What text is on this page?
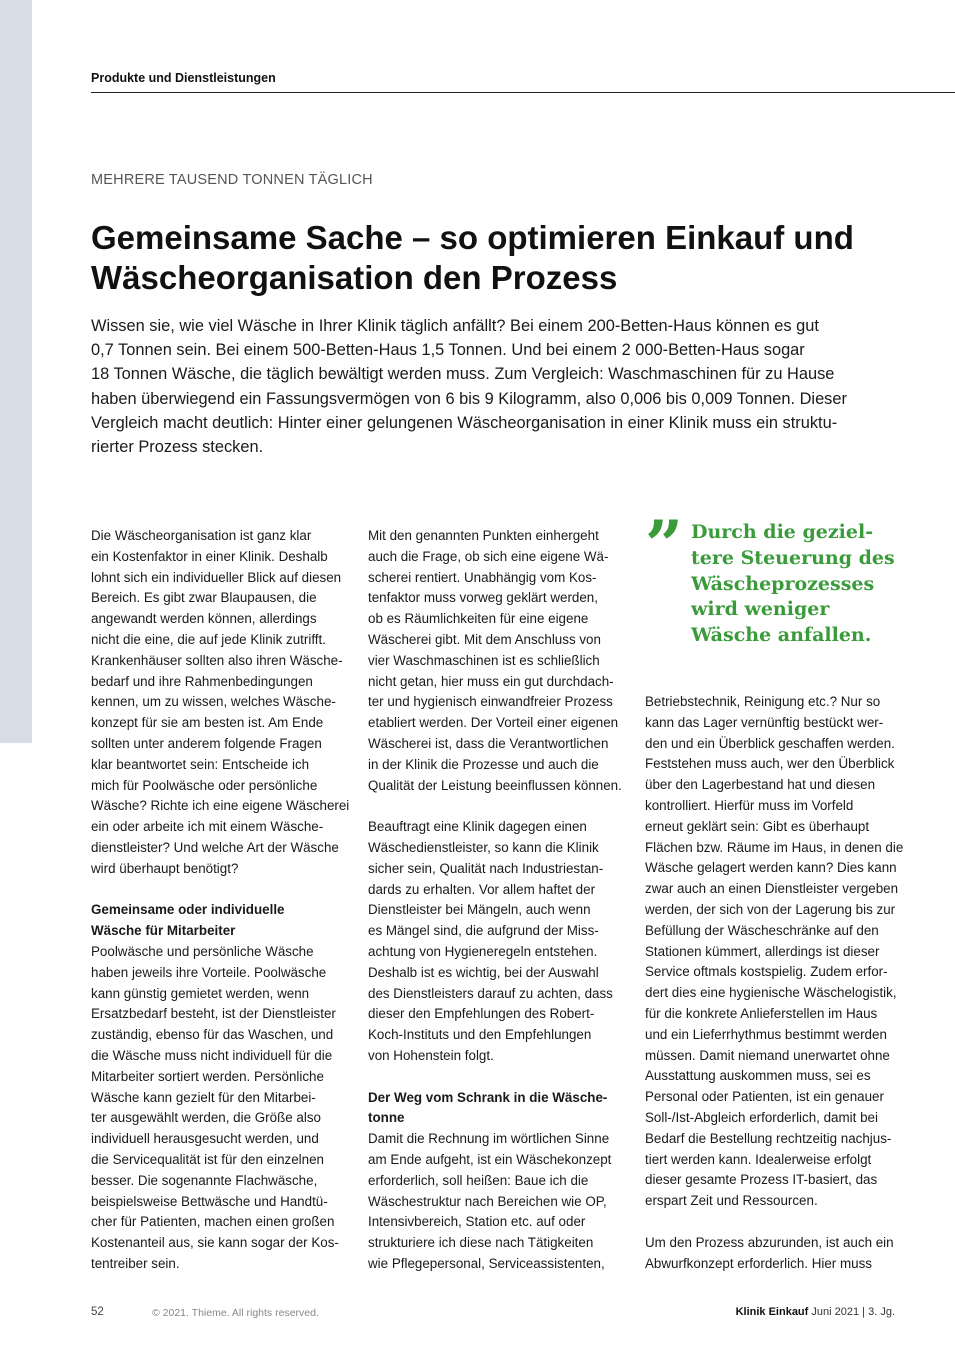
Produkte und Dienstleistungen
MEHRERE TAUSEND TONNEN TÄGLICH
Gemeinsame Sache – so optimieren Einkauf und
Wäscheorganisation den Prozess

Wissen sie, wie viel Wäsche in Ihrer Klinik täglich anfällt? Bei einem 200-Betten-Haus können es gut

0,7 Tonnen sein. Bei einem 500-Betten-Haus 1,5 Tonnen. Und bei einem 2 000-Betten-Haus sogar

18 Tonnen Wäsche, die täglich bewältigt werden muss. Zum Vergleich: Waschmaschinen für zu Hause

haben überwiegend ein Fassungsvermögen von 6 bis 9 Kilogramm, also 0,006 bis 0,009 Tonnen. Dieser

Vergleich macht deutlich: Hinter einer gelungenen Wäscheorganisation in einer Klinik muss ein struktu-

rierter Prozess stecken.

Die Wäscheorganisation ist ganz klar

ein Kostenfaktor in einer Klinik. Deshalb

lohnt sich ein individueller Blick auf diesen

Bereich. Es gibt zwar Blaupausen, die

angewandt werden können, allerdings

nicht die eine, die auf jede Klinik zutrifft.

Krankenhäuser sollten also ihren Wäsche-

bedarf und ihre Rahmenbedingungen

kennen, um zu wissen, welches Wäsche-

konzept für sie am besten ist. Am Ende

sollten unter anderem folgende Fragen

klar beantwortet sein: Entscheide ich

mich für Poolwäsche oder persönliche

Wäsche? Richte ich eine eigene Wäscherei

ein oder arbeite ich mit einem Wäsche-

dienstleister? Und welche Art der Wäsche

wird überhaupt benötigt?

Gemeinsame oder individuelle

Wäsche für Mitarbeiter

Poolwäsche und persönliche Wäsche

haben jeweils ihre Vorteile. Poolwäsche

kann günstig gemietet werden, wenn

Ersatzbedarf besteht, ist der Dienstleister

zuständig, ebenso für das Waschen, und

die Wäsche muss nicht individuell für die

Mitarbeiter sortiert werden. Persönliche

Wäsche kann gezielt für den Mitarbei-

ter ausgewählt werden, die Größe also

individuell herausgesucht werden, und

die Servicequalität ist für den einzelnen

besser. Die sogenannte Flachwäsche,

beispielsweise Bettwäsche und Handtü-

cher für Patienten, machen einen großen

Kostenanteil aus, sie kann sogar der Kos-

tentreiber sein.

Mit den genannten Punkten einhergeht

auch die Frage, ob sich eine eigene Wä-

scherei rentiert. Unabhängig vom Kos-

tenfaktor muss vorweg geklärt werden,

ob es Räumlichkeiten für eine eigene

Wäscherei gibt. Mit dem Anschluss von

vier Waschmaschinen ist es schließlich

nicht getan, hier muss ein gut durchdach-

ter und hygienisch einwandfreier Prozess

etabliert werden. Der Vorteil einer eigenen

Wäscherei ist, dass die Verantwortlichen

in der Klinik die Prozesse und auch die

Qualität der Leistung beeinflussen können.

Beauftragt eine Klinik dagegen einen

Wäschedienstleister, so kann die Klinik

sicher sein, Qualität nach Industriestan-

dards zu erhalten. Vor allem haftet der

Dienstleister bei Mängeln, auch wenn

es Mängel sind, die aufgrund der Miss-

achtung von Hygieneregeln entstehen.

Deshalb ist es wichtig, bei der Auswahl

des Dienstleisters darauf zu achten, dass

dieser den Empfehlungen des Robert-

Koch-Instituts und den Empfehlungen

von Hohenstein folgt.

Der Weg vom Schrank in die Wäsche-

tonne

Damit die Rechnung im wörtlichen Sinne

am Ende aufgeht, ist ein Wäschekonzept

erforderlich, soll heißen: Baue ich die

Wäschestruktur nach Bereichen wie OP,

Intensivbereich, Station etc. auf oder

strukturiere ich diese nach Tätigkeiten

wie Pflegepersonal, Serviceassistenten,

” Durch die geziel-

tere Steuerung des

Wäscheprozesses

wird weniger

Wäsche anfallen.

Betriebstechnik, Reinigung etc.? Nur so

kann das Lager vernünftig bestückt wer-

den und ein Überblick geschaffen werden.

Feststehen muss auch, wer den Überblick

über den Lagerbestand hat und diesen

kontrolliert. Hierfür muss im Vorfeld

erneut geklärt sein: Gibt es überhaupt

Flächen bzw. Räume im Haus, in denen die

Wäsche gelagert werden kann? Dies kann

zwar auch an einen Dienstleister vergeben

werden, der sich von der Lagerung bis zur

Befüllung der Wäscheschränke auf den

Stationen kümmert, allerdings ist dieser

Service oftmals kostspielig. Zudem erfor-

dert dies eine hygienische Wäschelogistik,

für die konkrete Anlieferstellen im Haus

und ein Lieferrhythmus bestimmt werden

müssen. Damit niemand unerwartet ohne

Ausstattung auskommen muss, sei es

Personal oder Patienten, ist ein genauer

Soll-/Ist-Abgleich erforderlich, damit bei

Bedarf die Bestellung rechtzeitig nachjus-

tiert werden kann. Idealerweise erfolgt

dieser gesamte Prozess IT-basiert, das

erspart Zeit und Ressourcen.

Um den Prozess abzurunden, ist auch ein

Abwurfkonzept erforderlich. Hier muss

52	© 2021. Thieme. All rights reserved.	Klinik Einkauf Juni 2021 | 3. Jg.
